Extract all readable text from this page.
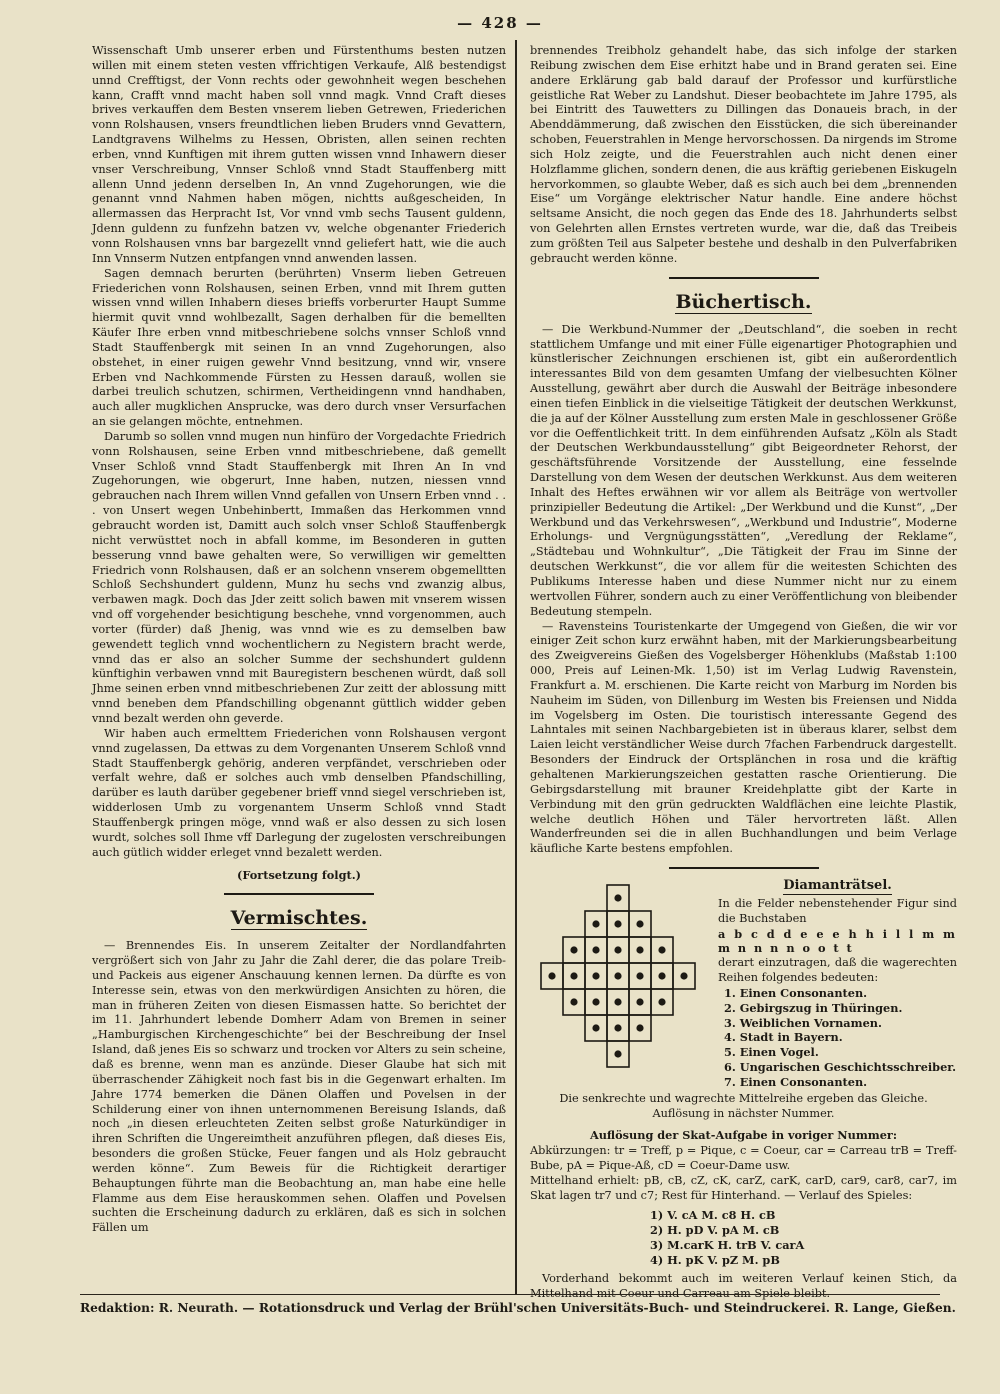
— 428 —

Wissenschaft Umb unserer erben und Fürstenthums besten nutzen willen mit einem steten vesten vffrichtigen Verkaufe, Alß bestendigst unnd Crefftigst, der Vonn rechts oder gewohnheit wegen beschehen kann, Crafft vnnd macht haben soll vnnd magk. Vnnd Craft dieses brives verkauffen dem Besten vnserem lieben Getrewen, Friederichen vonn Rolshausen, vnsers freundtlichen lieben Bruders vnnd Gevattern, Landtgravens Wilhelms zu Hessen, Obristen, allen seinen rechten erben, vnnd Kunftigen mit ihrem gutten wissen vnnd Inhawern dieser vnser Verschreibung, Vnnser Schloß vnnd Stadt Stauffenberg mitt allenn Unnd jedenn derselben In, An vnnd Zugehorungen, wie die genannt vnnd Nahmen haben mögen, nichtts außgescheiden, In allermassen das Herpracht Ist, Vor vnnd vmb sechs Tausent guldenn, Jdenn guldenn zu funfzehn batzen vv, welche obgenanter Friederich vonn Rolshausen vnns bar bargezellt vnnd geliefert hatt, wie die auch Inn Vnnserm Nutzen entpfangen vnnd anwenden lassen.

Sagen demnach berurten (berührten) Vnserm lieben Getreuen Friederichen vonn Rolshausen, seinen Erben, vnnd mit Ihrem gutten wissen vnnd willen Inhabern dieses brieffs vorberurter Haupt Summe hiermit quvit vnnd wohlbezallt, Sagen derhalben für die bemellten Käufer Ihre erben vnnd mitbeschriebene solchs vnnser Schloß vnnd Stadt Stauffenbergk mit seinen In an vnnd Zugehorungen, also obstehet, in einer ruigen gewehr Vnnd besitzung, vnnd wir, vnsere Erben vnd Nachkommende Fürsten zu Hessen darauß, wollen sie darbei treulich schutzen, schirmen, Vertheidingenn vnnd handhaben, auch aller mugklichen Ansprucke, was dero durch vnser Versurfachen an sie gelangen möchte, entnehmen.

Darumb so sollen vnnd mugen nun hinfüro der Vorgedachte Friedrich vonn Rolshausen, seine Erben vnnd mitbeschriebene, daß gemellt Vnser Schloß vnnd Stadt Stauffenbergk mit Ihren An In vnd Zugehorungen, wie obgerurt, Inne haben, nutzen, niessen vnnd gebrauchen nach Ihrem willen Vnnd gefallen von Unsern Erben vnnd . . . von Unsert wegen Unbehinbertt, Immaßen das Herkommen vnnd gebraucht worden ist, Damitt auch solch vnser Schloß Stauffenbergk nicht verwüsttet noch in abfall komme, im Besonderen in gutten besserung vnnd bawe gehalten were, So verwilligen wir gemeltten Friedrich vonn Rolshausen, daß er an solchenn vnserem obgemelltten Schloß Sechshundert guldenn, Munz hu sechs vnd zwanzig albus, verbawen magk. Doch das Jder zeitt solich bawen mit vnserem wissen vnd off vorgehender besichtigung beschehe, vnnd vorgenommen, auch vorter (fürder) daß Jhenig, was vnnd wie es zu demselben baw gewendett teglich vnnd wochentlichern zu Negistern bracht werde, vnnd das er also an solcher Summe der sechshundert guldenn künftighin verbawen vnnd mit Bauregistern beschenen würdt, daß soll Jhme seinen erben vnnd mitbeschriebenen Zur zeitt der ablossung mitt vnnd beneben dem Pfandschilling obgenannt güttlich widder geben vnnd bezalt werden ohn geverde.

Wir haben auch ermelttem Friederichen vonn Rolshausen vergont vnnd zugelassen, Da ettwas zu dem Vorgenanten Unserem Schloß vnnd Stadt Stauffenbergk gehörig, anderen verpfändet, verschrieben oder verfalt wehre, daß er solches auch vmb denselben Pfandschilling, darüber es lauth darüber gegebener brieff vnnd siegel verschrieben ist, widderlosen Umb zu vorgenantem Unserm Schloß vnnd Stadt Stauffenbergk pringen möge, vnnd waß er also dessen zu sich losen wurdt, solches soll Ihme vff Darlegung der zugelosten verschreibungen auch gütlich widder erleget vnnd bezalett werden.

(Fortsetzung folgt.)
Vermischtes.

— Brennendes Eis. In unserem Zeitalter der Nordlandfahrten vergrößert sich von Jahr zu Jahr die Zahl derer, die das polare Treib- und Packeis aus eigener Anschauung kennen lernen. Da dürfte es von Interesse sein, etwas von den merkwürdigen Ansichten zu hören, die man in früheren Zeiten von diesen Eismassen hatte. So berichtet der im 11. Jahrhundert lebende Domherr Adam von Bremen in seiner „Hamburgischen Kirchengeschichte“ bei der Beschreibung der Insel Island, daß jenes Eis so schwarz und trocken vor Alters zu sein scheine, daß es brenne, wenn man es anzünde. Dieser Glaube hat sich mit überraschender Zähigkeit noch fast bis in die Gegenwart erhalten. Im Jahre 1774 bemerken die Dänen Olaffen und Povelsen in der Schilderung einer von ihnen unternommenen Bereisung Islands, daß noch „in diesen erleuchteten Zeiten selbst große Naturkündiger in ihren Schriften die Ungereimtheit anzuführen pflegen, daß dieses Eis, besonders die großen Stücke, Feuer fangen und als Holz gebraucht werden könne“. Zum Beweis für die Richtigkeit derartiger Behauptungen führte man die Beobachtung an, man habe eine helle Flamme aus dem Eise herauskommen sehen. Olaffen und Povelsen suchten die Erscheinung dadurch zu erklären, daß es sich in solchen Fällen um

brennendes Treibholz gehandelt habe, das sich infolge der starken Reibung zwischen dem Eise erhitzt habe und in Brand geraten sei. Eine andere Erklärung gab bald darauf der Professor und kurfürstliche geistliche Rat Weber zu Landshut. Dieser beobachtete im Jahre 1795, als bei Eintritt des Tauwetters zu Dillingen das Donaueis brach, in der Abenddämmerung, daß zwischen den Eisstücken, die sich übereinander schoben, Feuerstrahlen in Menge hervorschossen. Da nirgends im Strome sich Holz zeigte, und die Feuerstrahlen auch nicht denen einer Holzflamme glichen, sondern denen, die aus kräftig geriebenen Eiskugeln hervorkommen, so glaubte Weber, daß es sich auch bei dem „brennenden Eise“ um Vorgänge elektrischer Natur handle. Eine andere höchst seltsame Ansicht, die noch gegen das Ende des 18. Jahrhunderts selbst von Gelehrten allen Ernstes vertreten wurde, war die, daß das Treibeis zum größten Teil aus Salpeter bestehe und deshalb in den Pulverfabriken gebraucht werden könne.

Büchertisch.

— Die Werkbund-Nummer der „Deutschland“, die soeben in recht stattlichem Umfange und mit einer Fülle eigenartiger Photographien und künstlerischer Zeichnungen erschienen ist, gibt ein außerordentlich interessantes Bild von dem gesamten Umfang der vielbesuchten Kölner Ausstellung, gewährt aber durch die Auswahl der Beiträge inbesondere einen tiefen Einblick in die vielseitige Tätigkeit der deutschen Werkkunst, die ja auf der Kölner Ausstellung zum ersten Male in geschlossener Größe vor die Oeffentlichkeit tritt. In dem einführenden Aufsatz „Köln als Stadt der Deutschen Werkbundausstellung“ gibt Beigeordneter Rehorst, der geschäftsführende Vorsitzende der Ausstellung, eine fesselnde Darstellung von dem Wesen der deutschen Werkkunst. Aus dem weiteren Inhalt des Heftes erwähnen wir vor allem als Beiträge von wertvoller prinzipieller Bedeutung die Artikel: „Der Werkbund und die Kunst“, „Der Werkbund und das Verkehrswesen“, „Werkbund und Industrie“, Moderne Erholungs- und Vergnügungsstätten“, „Veredlung der Reklame“, „Städtebau und Wohnkultur“, „Die Tätigkeit der Frau im Sinne der deutschen Werkkunst“, die vor allem für die weitesten Schichten des Publikums Interesse haben und diese Nummer nicht nur zu einem wertvollen Führer, sondern auch zu einer Veröffentlichung von bleibender Bedeutung stempeln.

— Ravensteins Touristenkarte der Umgegend von Gießen, die wir vor einiger Zeit schon kurz erwähnt haben, mit der Markierungsbearbeitung des Zweigvereins Gießen des Vogelsberger Höhenklubs (Maßstab 1:100 000, Preis auf Leinen-Mk. 1,50) ist im Verlag Ludwig Ravenstein, Frankfurt a. M. erschienen. Die Karte reicht von Marburg im Norden bis Nauheim im Süden, von Dillenburg im Westen bis Freiensen und Nidda im Vogelsberg im Osten. Die touristisch interessante Gegend des Lahntales mit seinen Nachbargebieten ist in überaus klarer, selbst dem Laien leicht verständlicher Weise durch 7fachen Farbendruck dargestellt. Besonders der Eindruck der Ortsplänchen in rosa und die kräftig gehaltenen Markierungszeichen gestatten rasche Orientierung. Die Gebirgsdarstellung mit brauner Kreidehplatte gibt der Karte in Verbindung mit den grün gedruckten Waldflächen eine leichte Plastik, welche deutlich Höhen und Täler hervortreten läßt. Allen Wanderfreunden sei die in allen Buchhandlungen und beim Verlage käufliche Karte bestens empfohlen.

Diamanträtsel.
In die Felder nebenstehender Figur sind die Buchstaben
a b c d d e e e h h i l l m m m n n n n o o t t
derart einzutragen, daß die wagerechten Reihen folgendes bedeuten:
1. Einen Consonanten.
2. Gebirgszug in Thüringen.
3. Weiblichen Vornamen.
4. Stadt in Bayern.
5. Einen Vogel.
6. Ungarischen Geschichtsschreiber.
7. Einen Consonanten.

Die senkrechte und wagrechte Mittelreihe ergeben das Gleiche. Auflösung in nächster Nummer.

Auflösung der Skat-Aufgabe in voriger Nummer:

Abkürzungen: tr = Treff, p = Pique, c = Coeur, car = Carreau trB = Treff-Bube, pA = Pique-Aß, cD = Coeur-Dame usw.

Mittelhand erhielt: pB, cB, cZ, cK, carZ, carK, carD, car9, car8, car7, im Skat lagen tr7 und c7; Rest für Hinterhand. — Verlauf des Spieles:

1) V. cA M. c8 H. cB
2) H. pD V. pA M. cB
3) M.carK H. trB V. carA
4) H. pK V. pZ M. pB

Vorderhand bekommt auch im weiteren Verlauf keinen Stich, da Mittelhand mit Coeur und Carreau am Spiele bleibt.

Redaktion: R. Neurath. — Rotationsdruck und Verlag der Brühl'schen Universitäts-Buch- und Steindruckerei. R. Lange, Gießen.
